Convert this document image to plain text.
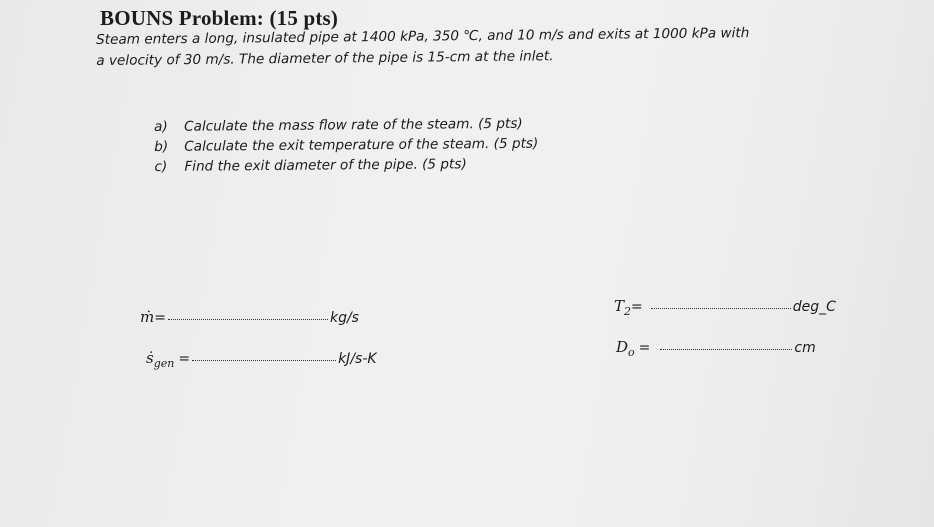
BOUNS Problem: (15 pts)
Steam enters a long, insulated pipe at 1400 kPa, 350 ℃, and 10 m/s and exits at 1000 kPa with a velocity of 30 m/s. The diameter of the pipe is 15-cm at the inlet.
a)	Calculate the mass flow rate of the steam. (5 pts)
b)	Calculate the exit temperature of the steam. (5 pts)
c)	Find the exit diameter of the pipe. (5 pts)
ṁ =	kg/s
ṡ$_{gen}$ =	kJ/s-K
$T_2$ =	deg_C
$D_o$ =	cm
